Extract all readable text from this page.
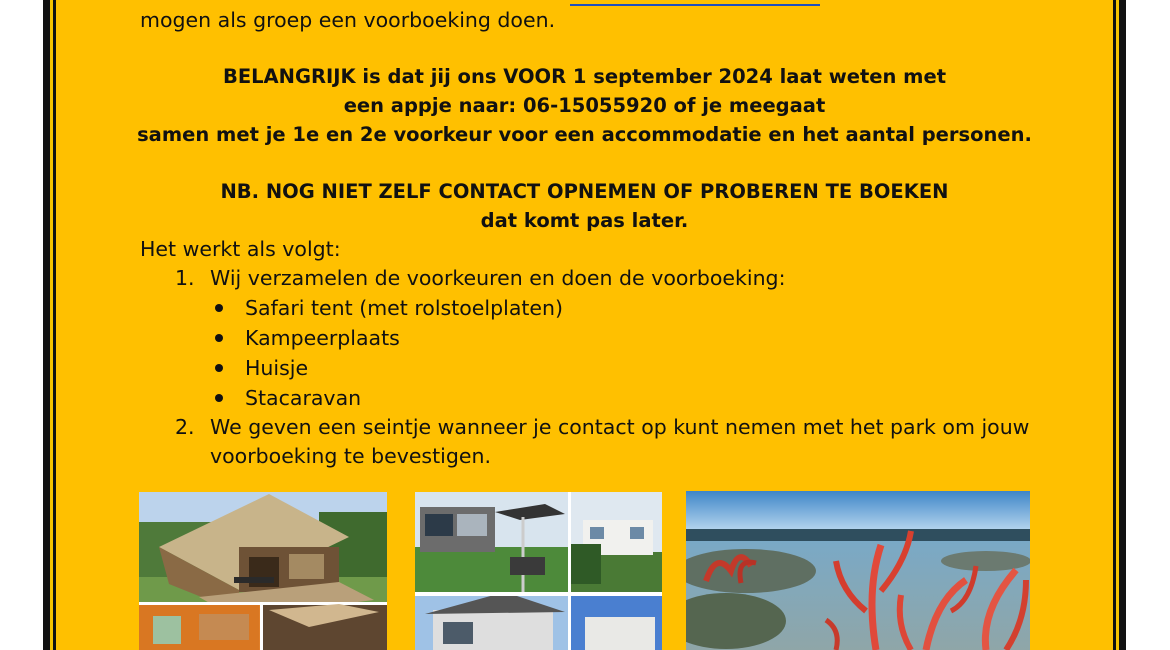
mogen als groep een voorboeking doen.
BELANGRIJK is dat jij ons VOOR 1 september 2024 laat weten met
een appje naar: 06-15055920 of je meegaat
samen met je 1e en 2e voorkeur voor een accommodatie en het aantal personen.
NB. NOG NIET ZELF CONTACT OPNEMEN OF PROBEREN TE BOEKEN
dat komt pas later.
Het werkt als volgt:
1. Wij verzamelen de voorkeuren en doen de voorboeking:
Safari tent (met rolstoelplaten)
Kampeerplaats
Huisje
Stacaravan
2. We geven een seintje wanneer je contact op kunt nemen met het park om jouw
voorboeking te bevestigen.
